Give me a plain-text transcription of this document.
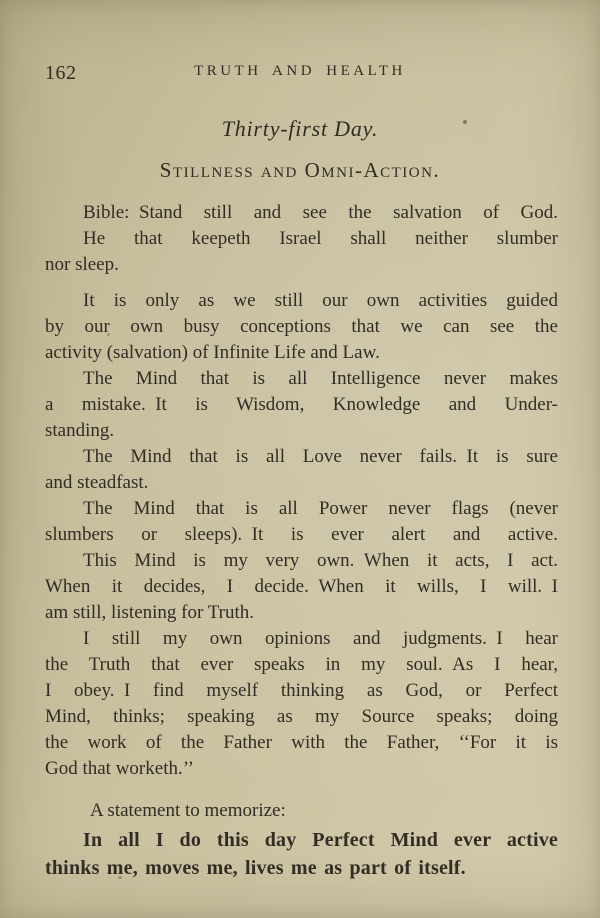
162	TRUTH AND HEALTH
Thirty-first Day.
Stillness and Omni-Action.
Bible: Stand still and see the salvation of God.
He that keepeth Israel shall neither slumber
nor sleep.
It is only as we still our own activities guided
by our own busy conceptions that we can see the
activity (salvation) of Infinite Life and Law.
The Mind that is all Intelligence never makes
a mistake. It is Wisdom, Knowledge and Under-
standing.
The Mind that is all Love never fails. It is sure
and steadfast.
The Mind that is all Power never flags (never
slumbers or sleeps). It is ever alert and active.
This Mind is my very own. When it acts, I act.
When it decides, I decide. When it wills, I will. I
am still, listening for Truth.
I still my own opinions and judgments. I hear
the Truth that ever speaks in my soul. As I hear,
I obey. I find myself thinking as God, or Perfect
Mind, thinks; speaking as my Source speaks; doing
the work of the Father with the Father, ‘‘For it is
God that worketh.’’
A statement to memorize:
In all I do this day Perfect Mind ever active
thinks me, moves me, lives me as part of itself.
